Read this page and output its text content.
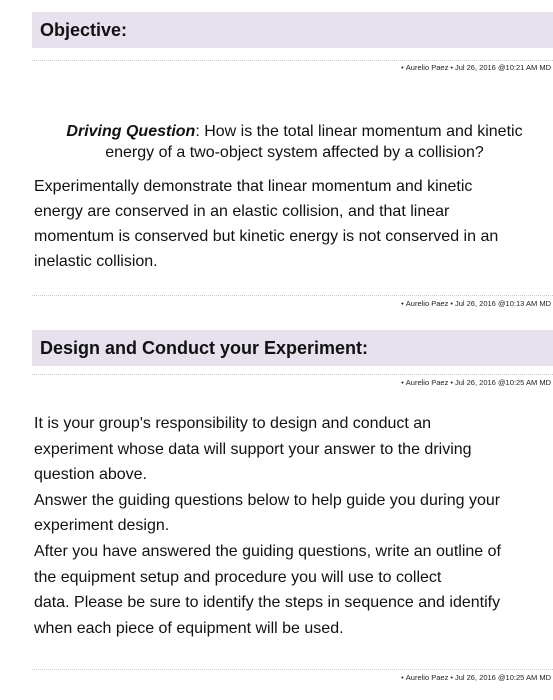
Objective:
• Aurelio Paez • Jul 26, 2016 @10:21 AM MD
Driving Question: How is the total linear momentum and kinetic
energy of a two-object system affected by a collision?
Experimentally demonstrate that linear momentum and kinetic
energy are conserved in an elastic collision, and that linear
momentum is conserved but kinetic energy is not conserved in an
inelastic collision.
• Aurelio Paez • Jul 26, 2016 @10:13 AM MD
Design and Conduct your Experiment:
• Aurelio Paez • Jul 26, 2016 @10:25 AM MD
It is your group's responsibility to design and conduct an
experiment whose data will support your answer to the driving
question above.
Answer the guiding questions below to help guide you during your
experiment design.
After you have answered the guiding questions, write an outline of
the equipment setup and procedure you will use to collect
data. Please be sure to identify the steps in sequence and identify
when each piece of equipment will be used.
• Aurelio Paez • Jul 26, 2016 @10:25 AM MD
